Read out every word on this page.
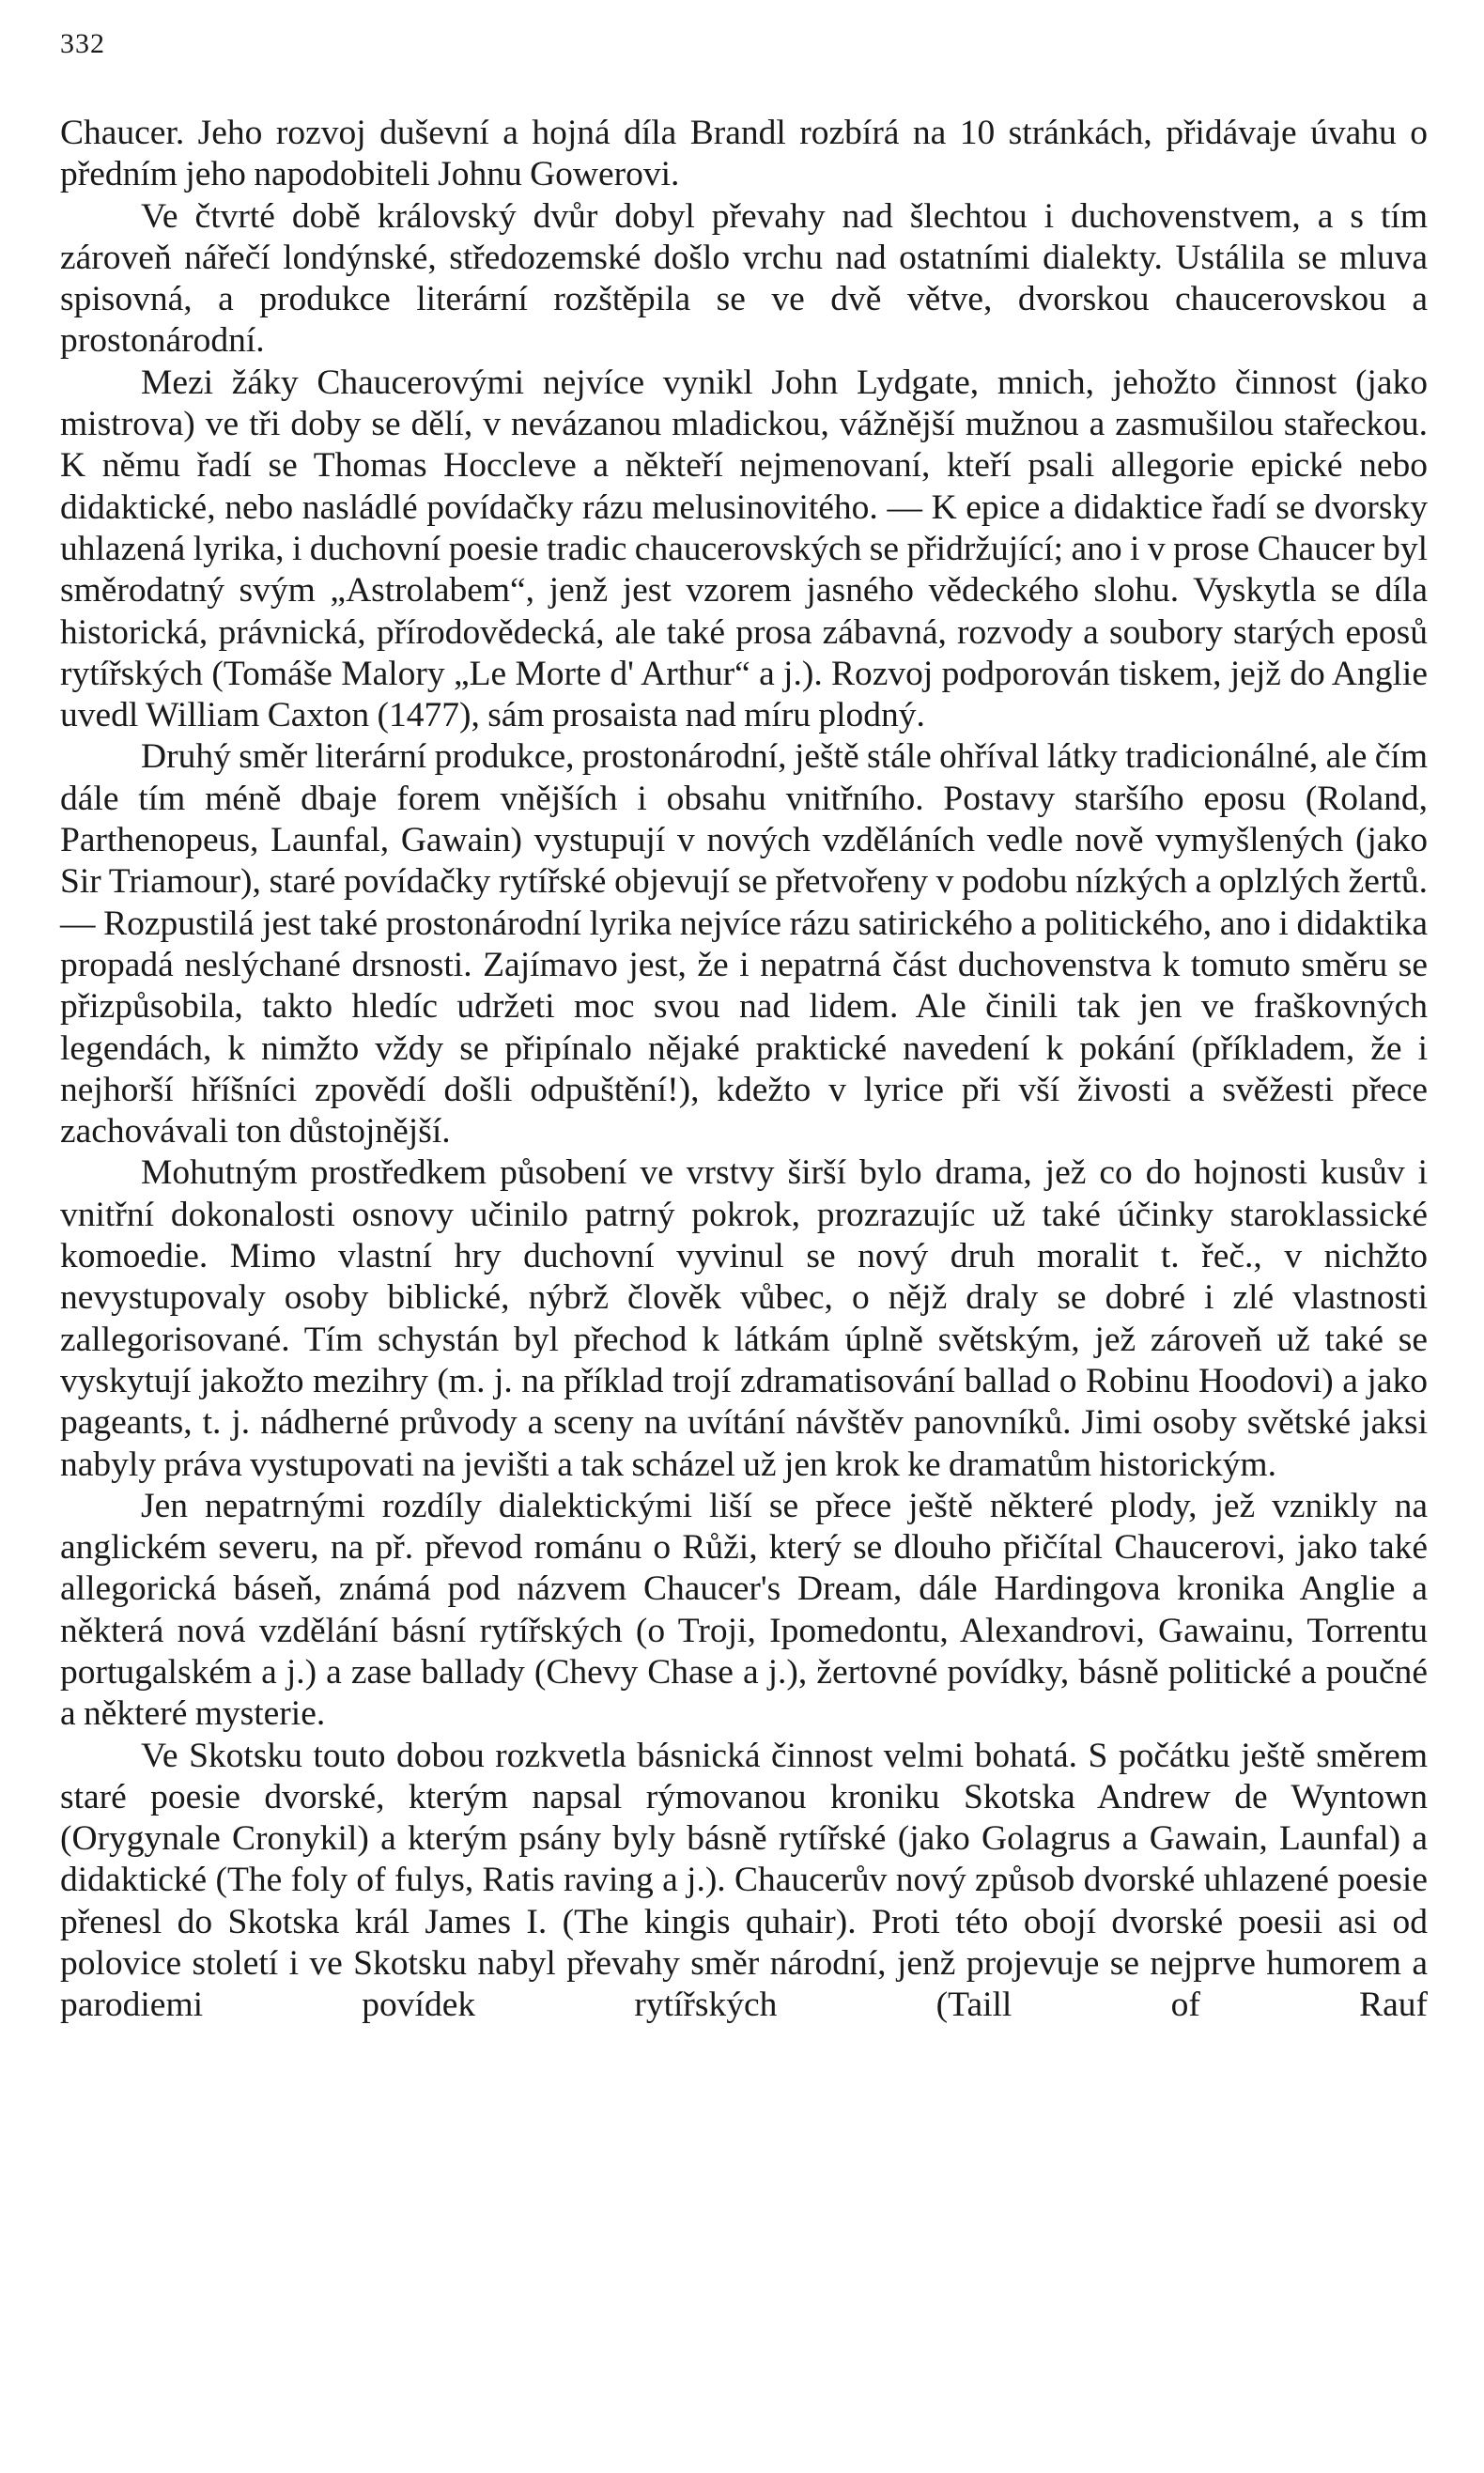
332

Chaucer. Jeho rozvoj duševní a hojná díla Brandl rozbírá na 10 stránkách, přidávaje úvahu o předním jeho napodobiteli Johnu Gowerovi.

Ve čtvrté době královský dvůr dobyl převahy nad šlechtou i duchovenstvem, a s tím zároveň nářečí londýnské, středozemské došlo vrchu nad ostatními dialekty. Ustálila se mluva spisovná, a produkce literární rozštěpila se ve dvě větve, dvorskou chaucerovskou a prostonárodní.

Mezi žáky Chaucerovými nejvíce vynikl John Lydgate, mnich, jehožto činnost (jako mistrova) ve tři doby se dělí, v nevázanou mladickou, vážnější mužnou a zasmušilou stařeckou. K němu řadí se Thomas Hoccleve a někteří nejmenovaní, kteří psali allegorie epické nebo didaktické, nebo nasládlé povídačky rázu melusinovitého. — K epice a didaktice řadí se dvorsky uhlazená lyrika, i duchovní poesie tradic chaucerovských se přidržující; ano i v prose Chaucer byl směrodatný svým „Astrolabem“, jenž jest vzorem jasného vědeckého slohu. Vyskytla se díla historická, právnická, přírodovědecká, ale také prosa zábavná, rozvody a soubory starých eposů rytířských (Tomáše Malory „Le Morte d' Arthur“ a j.). Rozvoj podporován tiskem, jejž do Anglie uvedl William Caxton (1477), sám prosaista nad míru plodný.

Druhý směr literární produkce, prostonárodní, ještě stále ohříval látky tradicionálné, ale čím dále tím méně dbaje forem vnějších i obsahu vnitřního. Postavy staršího eposu (Roland, Parthenopeus, Launfal, Gawain) vystupují v nových vzděláních vedle nově vymyšlených (jako Sir Triamour), staré povídačky rytířské objevují se přetvořeny v podobu nízkých a oplzlých žertů. — Rozpustilá jest také prostonárodní lyrika nejvíce rázu satirického a politického, ano i didaktika propadá neslýchané drsnosti. Zajímavo jest, že i nepatrná část duchovenstva k tomuto směru se přizpůsobila, takto hledíc udržeti moc svou nad lidem. Ale činili tak jen ve fraškovných legendách, k nimžto vždy se připínalo nějaké praktické navedení k pokání (příkladem, že i nejhorší hříšníci zpovědí došli odpuštění!), kdežto v lyrice při vší živosti a svěžesti přece zachovávali ton důstojnější.

Mohutným prostředkem působení ve vrstvy širší bylo drama, jež co do hojnosti kusův i vnitřní dokonalosti osnovy učinilo patrný pokrok, prozrazujíc už také účinky staroklassické komoedie. Mimo vlastní hry duchovní vyvinul se nový druh moralit t. řeč., v nichžto nevystupovaly osoby biblické, nýbrž člověk vůbec, o nějž draly se dobré i zlé vlastnosti zallegorisované. Tím schystán byl přechod k látkám úplně světským, jež zároveň už také se vyskytují jakožto mezihry (m. j. na příklad trojí zdramatisování ballad o Robinu Hoodovi) a jako pageants, t. j. nádherné průvody a sceny na uvítání návštěv panovníků. Jimi osoby světské jaksi nabyly práva vystupovati na jevišti a tak scházel už jen krok ke dramatům historickým.

Jen nepatrnými rozdíly dialektickými liší se přece ještě některé plody, jež vznikly na anglickém severu, na př. převod románu o Růži, který se dlouho přičítal Chaucerovi, jako také allegorická báseň, známá pod názvem Chaucer's Dream, dále Hardingova kronika Anglie a některá nová vzdělání básní rytířských (o Troji, Ipomedontu, Alexandrovi, Gawainu, Torrentu portugalském a j.) a zase ballady (Chevy Chase a j.), žertovné povídky, básně politické a poučné a některé mysterie.

Ve Skotsku touto dobou rozkvetla básnická činnost velmi bohatá. S počátku ještě směrem staré poesie dvorské, kterým napsal rýmovanou kroniku Skotska Andrew de Wyntown (Orygynale Cronykil) a kterým psány byly básně rytířské (jako Golagrus a Gawain, Launfal) a didaktické (The foly of fulys, Ratis raving a j.). Chaucerův nový způsob dvorské uhlazené poesie přenesl do Skotska král James I. (The kingis quhair). Proti této obojí dvorské poesii asi od polovice století i ve Skotsku nabyl převahy směr národní, jenž projevuje se nejprve humorem a parodiemi povídek rytířských (Taill of Rauf
